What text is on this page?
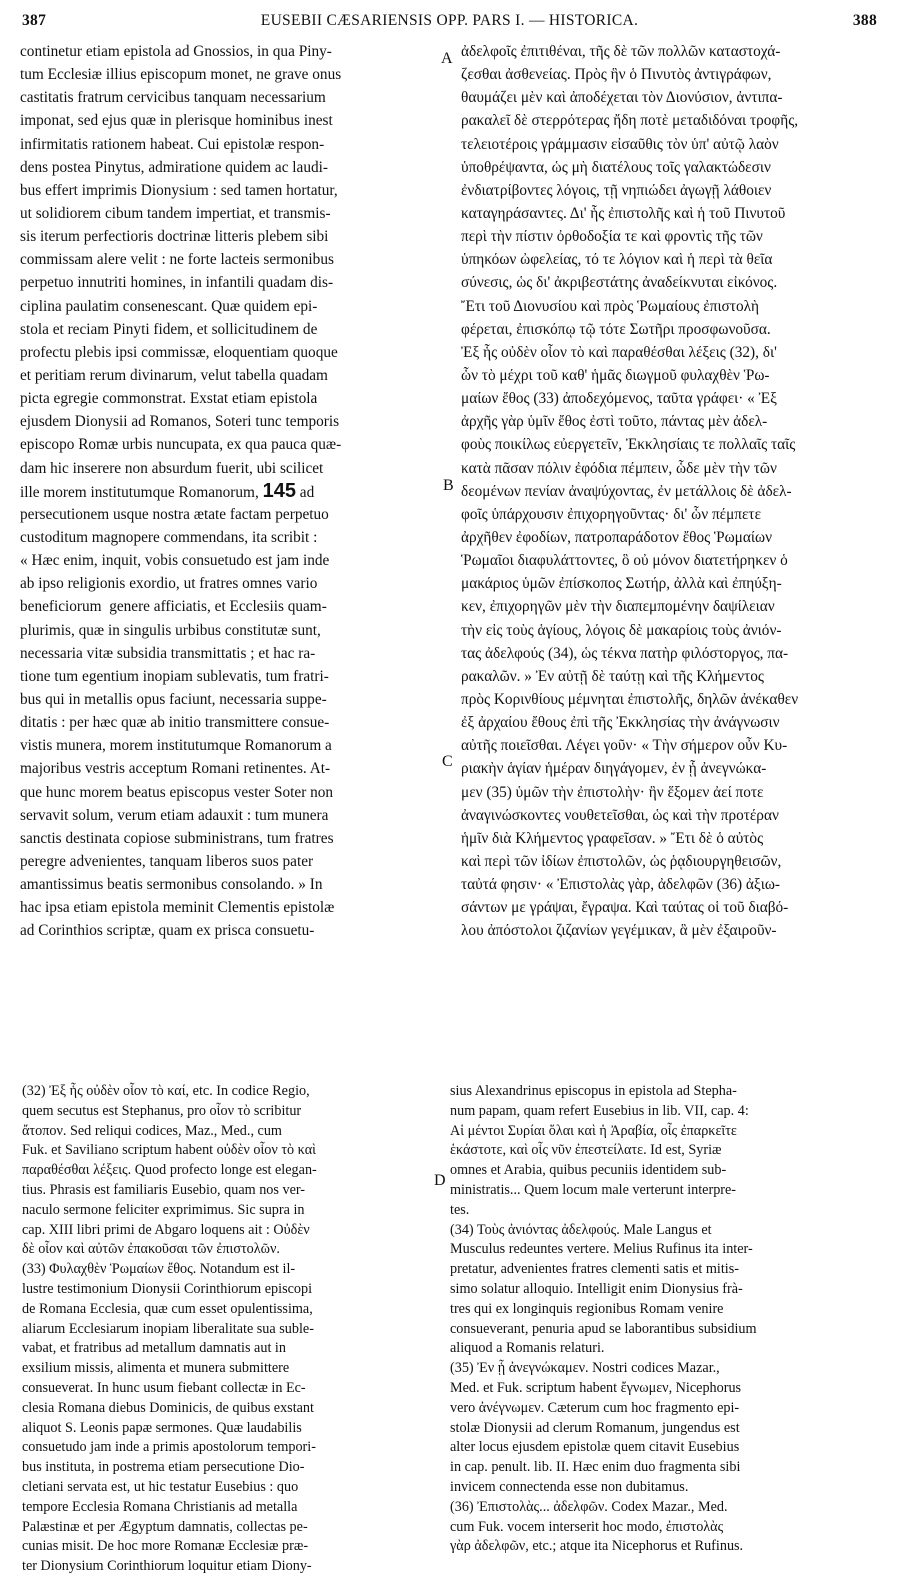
387	EUSEBII CÆSARIENSIS OPP. PARS I. — HISTORICA.	388
continetur etiam epistola ad Gnossios, in qua Piny-
tum Ecclesiæ illius episcopum monet, ne grave onus
castitatis fratrum cervicibus tanquam necessarium
imponat, sed ejus quæ in plerisque hominibus inest
infirmitatis rationem habeat. Cui epistolæ respon-
dens postea Pinytus, admiratione quidem ac laudi-
bus effert imprimis Dionysium : sed tamen hortatur,
ut solidiorem cibum tandem impertiat, et transmis-
sis iterum perfectioris doctrinæ litteris plebem sibi
commissam alere velit : ne forte lacteis sermonibus
perpetuo innutriti homines, in infantili quadam dis-
ciplina paulatim consenescant. Quæ quidem epi-
stola et reciam Pinyti fidem, et sollicitudinem de
profectu plebis ipsi commissæ, eloquentiam quoque
et peritiam rerum divinarum, velut tabella quadam
picta egregie commonstrat. Exstat etiam epistola
ejusdem Dionysii ad Romanos, Soteri tunc temporis
episcopo Romæ urbis nuncupata, ex qua pauca quæ-
dam hic inserere non absurdum fuerit, ubi scilicet
ille morem institutumque Romanorum, 145 ad
persecutionem usque nostra ætate factam perpetuo
custoditum magnopere commendans, ita scribit :
« Hæc enim, inquit, vobis consuetudo est jam inde
ab ipso religionis exordio, ut fratres omnes vario
beneficiorum  genere afficiatis, et Ecclesiis quam-
plurimis, quæ in singulis urbibus constitutæ sunt,
necessaria vitæ subsidia transmittatis ; et hac ra-
tione tum egentium inopiam sublevatis, tum fratri-
bus qui in metallis opus faciunt, necessaria suppe-
ditatis : per hæc quæ ab initio transmittere consue-
vistis munera, morem institutumque Romanorum a
majoribus vestris acceptum Romani retinentes. At-
que hunc morem beatus episcopus vester Soter non
servavit solum, verum etiam adauxit : tum munera
sanctis destinata copiose subministrans, tum fratres
peregre advenientes, tanquam liberos suos pater
amantissimus beatis sermonibus consolando. » In
hac ipsa etiam epistola meminit Clementis epistolæ
ad Corinthios scriptæ, quam ex prisca consuetu-
ἀδελφοῖς ἐπιτιθέναι, τῆς δὲ τῶν πολλῶν καταστοχά-
ζεσθαι ἀσθενείας. Πρὸς ἣν ὁ Πινυτὸς ἀντιγράφων,
θαυμάζει μὲν καὶ ἀποδέχεται τὸν Διονύσιον, ἀντιπα-
ρακαλεῖ δὲ στερρότερας ἤδη ποτὲ μεταδιδόναι τροφῆς,
τελειοτέροις γράμμασιν εἰσαῦθις τὸν ὑπ' αὐτῷ λαὸν
ὑποθρέψαντα, ὡς μὴ διατέλους τοῖς γαλακτώδεσιν
ἐνδιατρίβοντες λόγοις, τῇ νηπιώδει ἀγωγῇ λάθοιεν
καταγηράσαντες. Δι' ἧς ἐπιστολῆς καὶ ἡ τοῦ Πινυτοῦ
περὶ τὴν πίστιν ὀρθοδοξία τε καὶ φροντὶς τῆς τῶν
ὑπηκόων ὠφελείας, τό τε λόγιον καὶ ἡ περὶ τὰ θεῖα
σύνεσις, ὡς δι' ἀκριβεστάτης ἀναδείκνυται εἰκόνος.
Ἔτι τοῦ Διονυσίου καὶ πρὸς Ῥωμαίους ἐπιστολὴ
φέρεται, ἐπισκόπῳ τῷ τότε Σωτῆρι προσφωνοῦσα.
Ἐξ ἧς οὐδὲν οἷον τὸ καὶ παραθέσθαι λέξεις (32), δι'
ὧν τὸ μέχρι τοῦ καθ' ἡμᾶς διωγμοῦ φυλαχθὲν Ῥω-
μαίων ἔθος (33) ἀποδεχόμενος, ταῦτα γράφει· « Ἐξ
ἀρχῆς γὰρ ὑμῖν ἔθος ἐστὶ τοῦτο, πάντας μὲν ἀδελ-
φοὺς ποικίλως εὐεργετεῖν, Ἐκκλησίαις τε πολλαῖς ταῖς
κατὰ πᾶσαν πόλιν ἐφόδια πέμπειν, ὧδε μὲν τὴν τῶν
δεομένων πενίαν ἀναψύχοντας, ἐν μετάλλοις δὲ ἀδελ-
φοῖς ὑπάρχουσιν ἐπιχορηγοῦντας· δι' ὧν πέμπετε
ἀρχῆθεν ἐφοδίων, πατροπαράδοτον ἔθος Ῥωμαίων
Ῥωμαῖοι διαφυλάττοντες, ὃ οὐ μόνον διατετήρηκεν ὁ
μακάριος ὑμῶν ἐπίσκοπος Σωτήρ, ἀλλὰ καὶ ἐπηύξη-
κεν, ἐπιχορηγῶν μὲν τὴν διαπεμπομένην δαψίλειαν
τὴν εἰς τοὺς ἁγίους, λόγοις δὲ μακαρίοις τοὺς ἀνιόν-
τας ἀδελφούς (34), ὡς τέκνα πατὴρ φιλόστοργος, πα-
ρακαλῶν. » Ἐν αὐτῇ δὲ ταύτῃ καὶ τῆς Κλήμεντος
πρὸς Κορινθίους μέμνηται ἐπιστολῆς, δηλῶν ἀνέκαθεν
ἐξ ἀρχαίου ἔθους ἐπὶ τῆς Ἐκκλησίας τὴν ἀνάγνωσιν
αὐτῆς ποιεῖσθαι. Λέγει γοῦν· « Τὴν σήμερον οὖν Κυ-
ριακὴν ἁγίαν ἡμέραν διηγάγομεν, ἐν ᾗ ἀνεγνώκα-
μεν (35) ὑμῶν τὴν ἐπιστολὴν· ἣν ἕξομεν ἀεί ποτε
ἀναγινώσκοντες νουθετεῖσθαι, ὡς καὶ τὴν προτέραν
ἡμῖν διὰ Κλήμεντος γραφεῖσαν. » Ἔτι δὲ ὁ αὐτὸς
καὶ περὶ τῶν ἰδίων ἐπιστολῶν, ὡς ῥᾳδιουργηθεισῶν,
ταὐτά φησιν· « Ἐπιστολὰς γὰρ, ἀδελφῶν (36) ἀξιω-
σάντων με γράψαι, ἔγραψα. Καὶ ταύτας οἱ τοῦ διαβό-
λου ἀπόστολοι ζιζανίων γεγέμικαν, ἃ μὲν ἐξαιροῦν-
A
B
C
D
(32) Ἐξ ἧς οὐδὲν οἷον τὸ καί, etc. In codice Regio,
quem secutus est Stephanus, pro οἷον τὸ scribitur
ἄτοπον. Sed reliqui codices, Maz., Med., cum
Fuk. et Saviliano scriptum habent οὐδὲν οἷον τὸ καὶ
παραθέσθαι λέξεις. Quod profecto longe est elegan-
tius. Phrasis est familiaris Eusebio, quam nos ver-
naculo sermone feliciter exprimimus. Sic supra in
cap. XIII libri primi de Abgaro loquens ait : Οὐδὲν
δὲ οἷον καὶ αὐτῶν ἐπακοῦσαι τῶν ἐπιστολῶν.
(33) Φυλαχθὲν Ῥωμαίων ἔθος. Notandum est il-
lustre testimonium Dionysii Corinthiorum episcopi
de Romana Ecclesia, quæ cum esset opulentissima,
aliarum Ecclesiarum inopiam liberalitate sua suble-
vabat, et fratribus ad metallum damnatis aut in
exsilium missis, alimenta et munera submittere
consueverat. In hunc usum fiebant collectæ in Ec-
clesia Romana diebus Dominicis, de quibus exstant
aliquot S. Leonis papæ sermones. Quæ laudabilis
consuetudo jam inde a primis apostolorum tempori-
bus instituta, in postrema etiam persecutione Dio-
cletiani servata est, ut hic testatur Eusebius : quo
tempore Ecclesia Romana Christianis ad metalla
Palæstinæ et per Ægyptum damnatis, collectas pe-
cunias misit. De hoc more Romanæ Ecclesiæ præ-
ter Dionysium Corinthiorum loquitur etiam Diony-
sius Alexandrinus episcopus in epistola ad Stepha-
num papam, quam refert Eusebius in lib. VII, cap. 4:
Αἱ μέντοι Συρίαι ὅλαι καὶ ἡ Ἀραβία, οἷς ἐπαρκεῖτε
ἑκάστοτε, καὶ οἷς νῦν ἐπεστείλατε. Id est, Syriæ
omnes et Arabia, quibus pecuniis identidem sub-
ministratis... Quem locum male verterunt interpre-
tes.
(34) Τοὺς ἀνιόντας ἀδελφούς. Male Langus et
Musculus redeuntes vertere. Melius Rufinus ita inter-
pretatur, advenientes fratres clementi satis et mitis-
simo solatur alloquio. Intelligit enim Dionysius frà-
tres qui ex longinquis regionibus Romam venire
consueverant, penuria apud se laborantibus subsidium
aliquod a Romanis relaturi.
(35) Ἐν ᾗ ἀνεγνώκαμεν. Nostri codices Mazar.,
Med. et Fuk. scriptum habent ἔγνωμεν, Nicephorus
vero ἀνέγνωμεν. Cæterum cum hoc fragmento epi-
stolæ Dionysii ad clerum Romanum, jungendus est
alter locus ejusdem epistolæ quem citavit Eusebius
in cap. penult. lib. II. Hæc enim duo fragmenta sibi
invicem connectenda esse non dubitamus.
(36) Ἐπιστολὰς... ἀδελφῶν. Codex Mazar., Med.
cum Fuk. vocem interserit hoc modo, ἐπιστολὰς
γὰρ ἀδελφῶν, etc.; atque ita Nicephorus et Rufinus.
